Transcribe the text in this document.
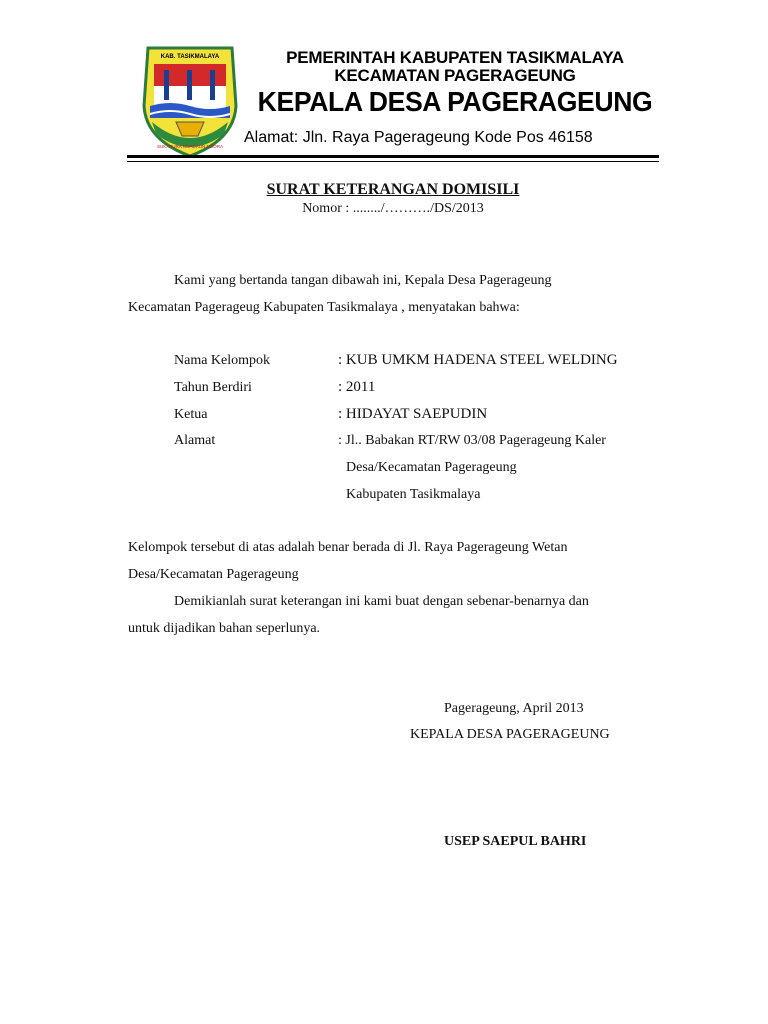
KAB. TASIKMALAYA
SUKAPURA NGADAUN NGORA
PEMERINTAH KABUPATEN TASIKMALAYA
KECAMATAN PAGERAGEUNG
KEPALA DESA PAGERAGEUNG
Alamat: Jln. Raya Pagerageung Kode Pos 46158
SURAT KETERANGAN DOMISILI
Nomor : ......../………./DS/2013
Kami yang bertanda tangan dibawah ini, Kepala Desa Pagerageung
Kecamatan Pagerageug Kabupaten Tasikmalaya , menyatakan bahwa:
Nama Kelompok	: KUB UMKM HADENA STEEL WELDING
Tahun Berdiri	: 2011
Ketua	: HIDAYAT SAEPUDIN
Alamat	: Jl.. Babakan RT/RW 03/08 Pagerageung Kaler
Desa/Kecamatan Pagerageung
Kabupaten Tasikmalaya
Kelompok tersebut di atas adalah benar berada di Jl. Raya Pagerageung Wetan
Desa/Kecamatan Pagerageung
Demikianlah surat keterangan ini kami buat dengan sebenar-benarnya dan
untuk dijadikan bahan seperlunya.
Pagerageung, April 2013
KEPALA DESA PAGERAGEUNG
USEP SAEPUL BAHRI
